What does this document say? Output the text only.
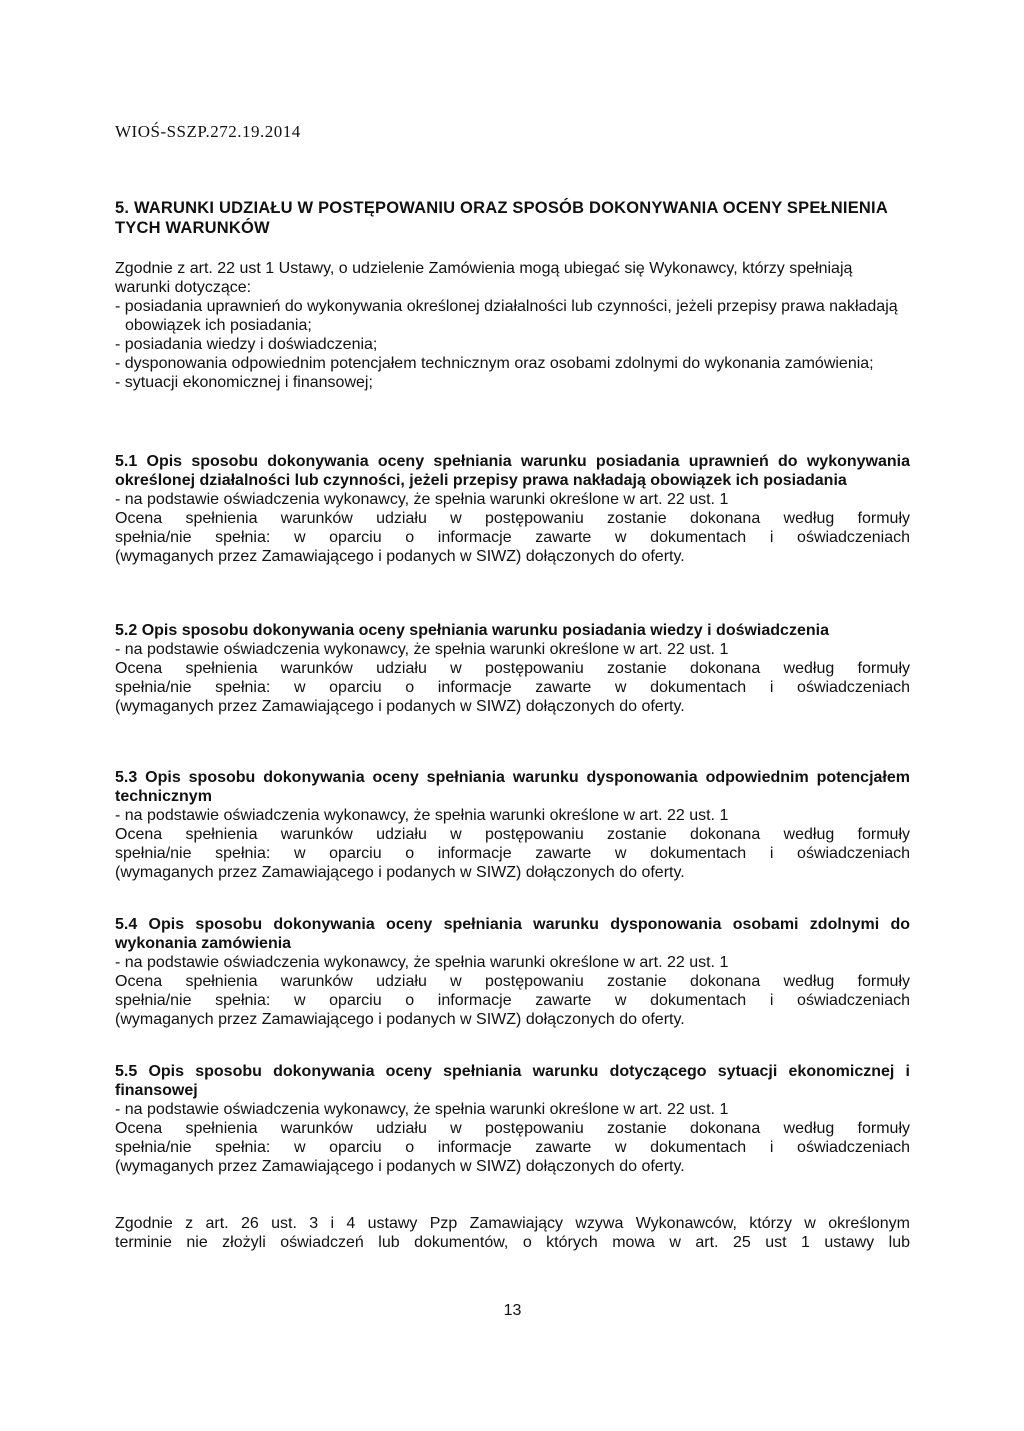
WIOŚ-SSZP.272.19.2014
5. WARUNKI UDZIAŁU W POSTĘPOWANIU ORAZ SPOSÓB DOKONYWANIA OCENY SPEŁNIENIA TYCH WARUNKÓW

Zgodnie z art. 22 ust 1 Ustawy, o udzielenie Zamówienia mogą ubiegać się Wykonawcy, którzy spełniają warunki dotyczące:

- posiadania uprawnień do wykonywania określonej działalności lub czynności, jeżeli przepisy prawa nakładają obowiązek ich posiadania;

- posiadania wiedzy i doświadczenia;

- dysponowania odpowiednim potencjałem technicznym oraz osobami zdolnymi do wykonania zamówienia;

- sytuacji ekonomicznej i finansowej;

5.1 Opis sposobu dokonywania oceny spełniania warunku posiadania uprawnień do wykonywania określonej działalności lub czynności, jeżeli przepisy prawa nakładają obowiązek ich posiadania

- na podstawie oświadczenia wykonawcy, że spełnia warunki określone w art. 22 ust. 1

Ocena spełnienia warunków udziału w postępowaniu zostanie dokonana według formuły

spełnia/nie spełnia: w oparciu o informacje zawarte w dokumentach i oświadczeniach

(wymaganych przez Zamawiającego i podanych w SIWZ) dołączonych do oferty.

5.2 Opis sposobu dokonywania oceny spełniania warunku posiadania wiedzy i doświadczenia

- na podstawie oświadczenia wykonawcy, że spełnia warunki określone w art. 22 ust. 1

Ocena spełnienia warunków udziału w postępowaniu zostanie dokonana według formuły

spełnia/nie spełnia: w oparciu o informacje zawarte w dokumentach i oświadczeniach

(wymaganych przez Zamawiającego i podanych w SIWZ) dołączonych do oferty.

5.3 Opis sposobu dokonywania oceny spełniania warunku dysponowania odpowiednim potencjałem technicznym

- na podstawie oświadczenia wykonawcy, że spełnia warunki określone w art. 22 ust. 1

Ocena spełnienia warunków udziału w postępowaniu zostanie dokonana według formuły

spełnia/nie spełnia: w oparciu o informacje zawarte w dokumentach i oświadczeniach

(wymaganych przez Zamawiającego i podanych w SIWZ) dołączonych do oferty.

5.4 Opis sposobu dokonywania oceny spełniania warunku dysponowania osobami zdolnymi do wykonania zamówienia

- na podstawie oświadczenia wykonawcy, że spełnia warunki określone w art. 22 ust. 1

Ocena spełnienia warunków udziału w postępowaniu zostanie dokonana według formuły

spełnia/nie spełnia: w oparciu o informacje zawarte w dokumentach i oświadczeniach

(wymaganych przez Zamawiającego i podanych w SIWZ) dołączonych do oferty.

5.5 Opis sposobu dokonywania oceny spełniania warunku dotyczącego sytuacji ekonomicznej i finansowej

- na podstawie oświadczenia wykonawcy, że spełnia warunki określone w art. 22 ust. 1

Ocena spełnienia warunków udziału w postępowaniu zostanie dokonana według formuły

spełnia/nie spełnia: w oparciu o informacje zawarte w dokumentach i oświadczeniach

(wymaganych przez Zamawiającego i podanych w SIWZ) dołączonych do oferty.

Zgodnie z art. 26 ust. 3 i 4 ustawy Pzp Zamawiający wzywa Wykonawców, którzy w określonym

terminie nie złożyli oświadczeń lub dokumentów, o których mowa w art. 25 ust 1 ustawy lub

13
